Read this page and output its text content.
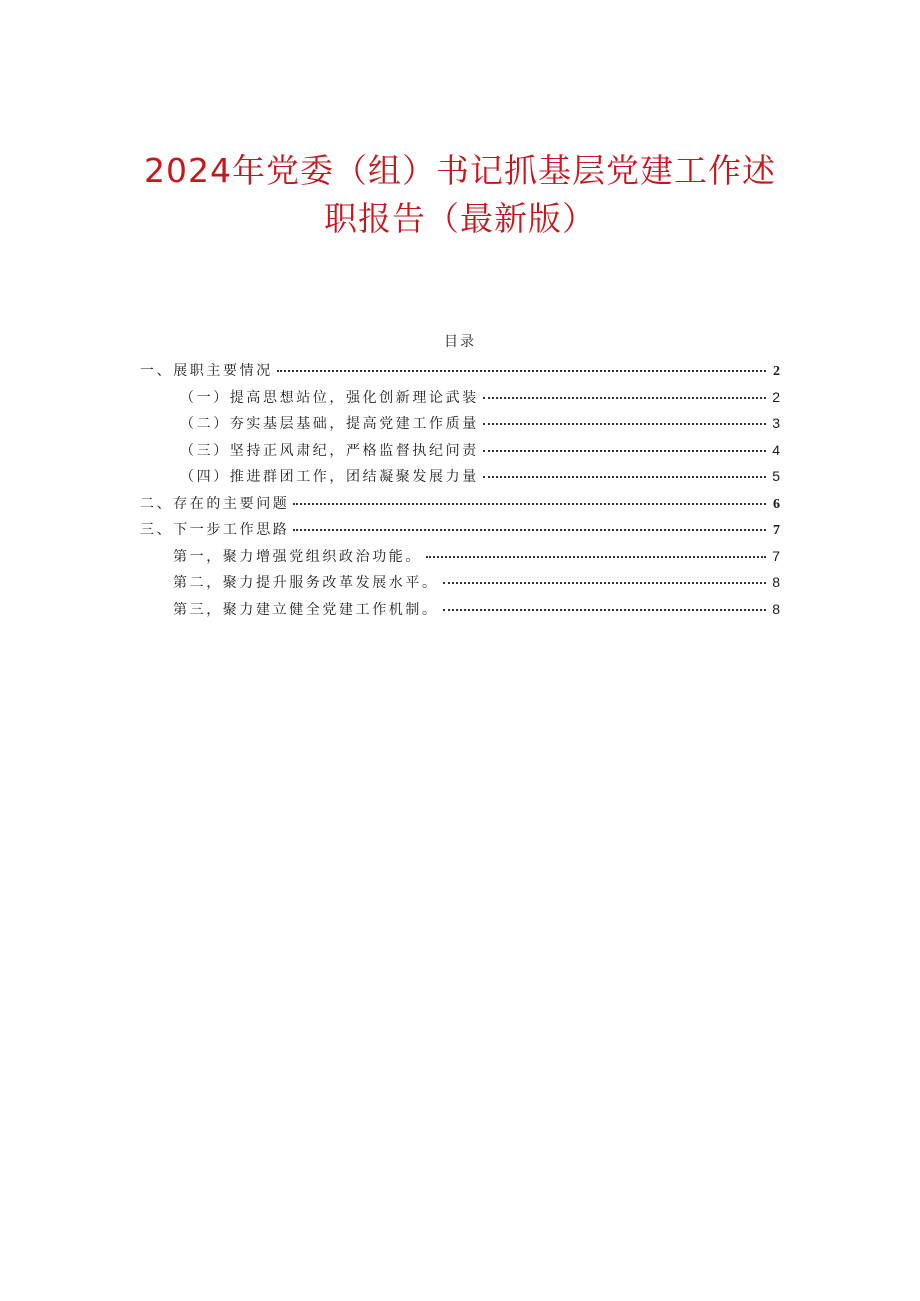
2024年党委（组）书记抓基层党建工作述
职报告（最新版）
目录
一、展职主要情况	2
（一）提高思想站位，强化创新理论武装	2
（二）夯实基层基础，提高党建工作质量	3
（三）坚持正风肃纪，严格监督执纪问责	4
（四）推进群团工作，团结凝聚发展力量	5
二、存在的主要问题	6
三、下一步工作思路	7
第一，聚力增强党组织政治功能。	7
第二，聚力提升服务改革发展水平。	8
第三，聚力建立健全党建工作机制。	8
